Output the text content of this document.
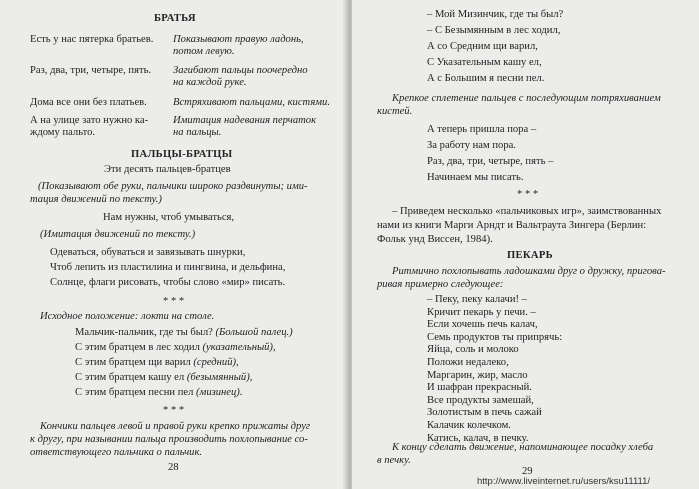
БРАТЬЯ
Есть у нас пятерка братьев. Показывают правую ладонь,
потом левую.
Раз, два, три, четыре, пять. Загибают пальцы поочередно
на каждой руке.
Дома все они без платьев. Встряхивают пальцами, кистями.
А на улице зато нужно ка-
ждому пальто.
Имитация надевания перчаток
на пальцы.
ПАЛЬЦЫ-БРАТЦЫ
Эти десять пальцев-братцев
(Показывают обе руки, пальчики широко раздвинуты; ими-
тация движений по тексту.)
Нам нужны, чтоб умываться,
(Имитация движений по тексту.)
Одеваться, обуваться и завязывать шнурки,
Чтоб лепить из пластилина и пингвина, и дельфина,
Солнце, флаги рисовать, чтобы слово «мир» писать.
* * *
Исходное положение: локти на столе.
Мальчик-пальчик, где ты был? (Большой палец.)
С этим братцем в лес ходил (указательный),
С этим братцем щи варил (средний),
С этим братцем кашу ел (безымянный),
С этим братцем песни пел (мизинец).
* * *
Кончики пальцев левой и правой руки крепко прижаты друг
к другу, при назывании пальца производить похлопывание со-
ответствующего пальчика о пальчик.
28
– Мой Мизинчик, где ты был?
– С Безымянным в лес ходил,
А со Средним щи варил,
С Указательным кашу ел,
А с Большим я песни пел.
Крепкое сплетение пальцев с последующим потряхиванием
кистей.
А теперь пришла пора –
За работу нам пора.
Раз, два, три, четыре, пять –
Начинаем мы писать.
* * *
– Приведем несколько «пальчиковых игр», заимствованных
нами из книги Марги Арндт и Вальтраута Зингера (Берлин:
Фольк унд Виссен, 1984).
ПЕКАРЬ
Ритмично похлопывать ладошками друг о дружку, пригова-
ривая примерно следующее:
– Пеку, пеку калачи! –
Кричит пекарь у печи. –
Если хочешь печь калач,
Семь продуктов ты припрячь:
Яйца, соль и молоко
Положи недалеко,
Маргарин, жир, масло
И шафран прекрасный.
Все продукты замешай,
Золотистым в печь сажай
Калачик колечком.
Катись, калач, в печку.
К концу сделать движение, напоминающее посадку хлеба
в печку.
29
http://www.liveinternet.ru/users/ksu11111/
